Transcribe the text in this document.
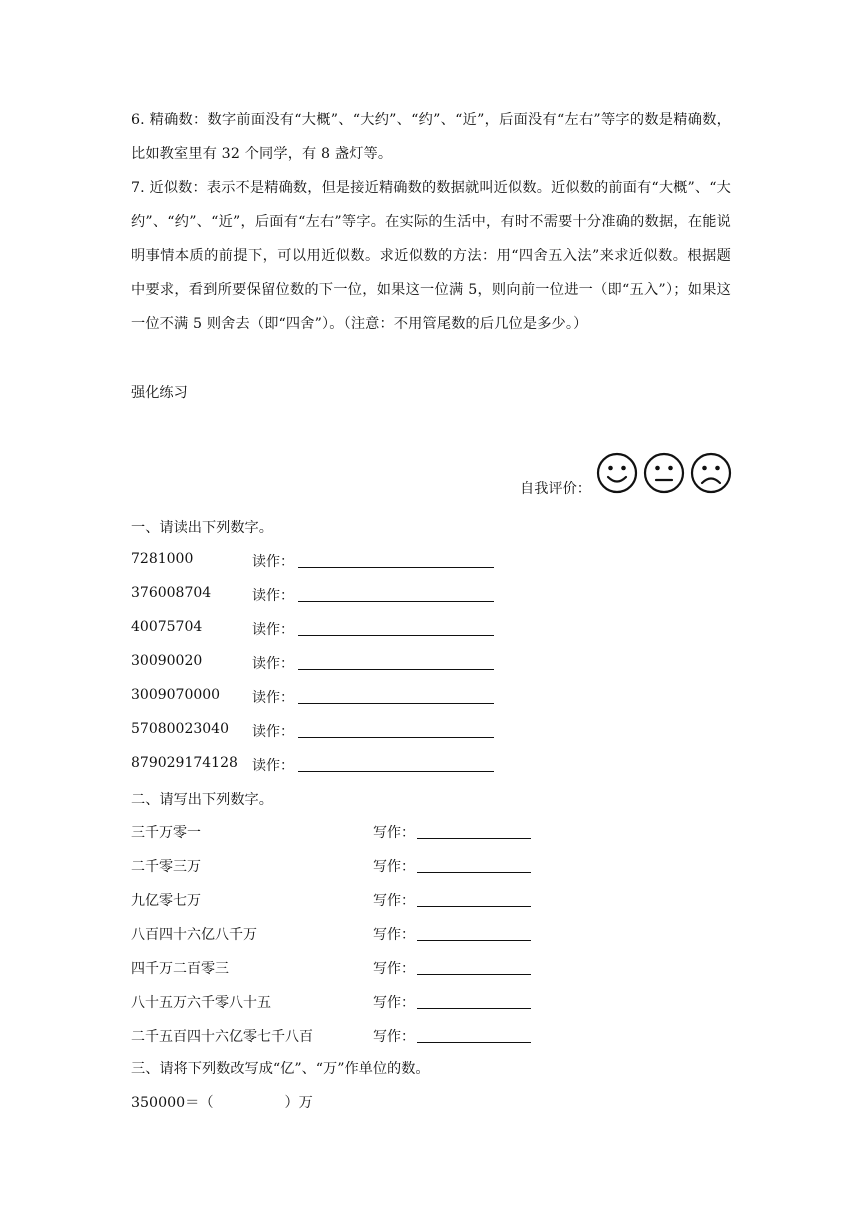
6. 精确数：数字前面没有“大概”、“大约”、“约”、“近”，后面没有“左右”等字的数是精确数，比如教室里有 32 个同学，有 8 盏灯等。

7. 近似数：表示不是精确数，但是接近精确数的数据就叫近似数。近似数的前面有“大概”、“大约”、“约”、“近”，后面有“左右”等字。在实际的生活中，有时不需要十分准确的数据，在能说明事情本质的前提下，可以用近似数。求近似数的方法：用“四舍五入法”来求近似数。根据题中要求，看到所要保留位数的下一位，如果这一位满 5，则向前一位进一（即“五入”）；如果这一位不满 5 则舍去（即“四舍”）。（注意：不用管尾数的后几位是多少。）

强化练习
自我评价：
一、请读出下列数字。
7281000	读作：
376008704	读作：
40075704	读作：
30090020	读作：
3009070000 读作：
57080023040 读作：
879029174128 读作：
二、请写出下列数字。
三千万零一	写作：
二千零三万	写作：
九亿零七万	写作：
八百四十六亿八千万	写作：
四千万二百零三	写作：
八十五万六千零八十五	写作：
二千五百四十六亿零七千八百	写作：
三、请将下列数改写成“亿”、“万”作单位的数。
350000＝（　　　　　）万
